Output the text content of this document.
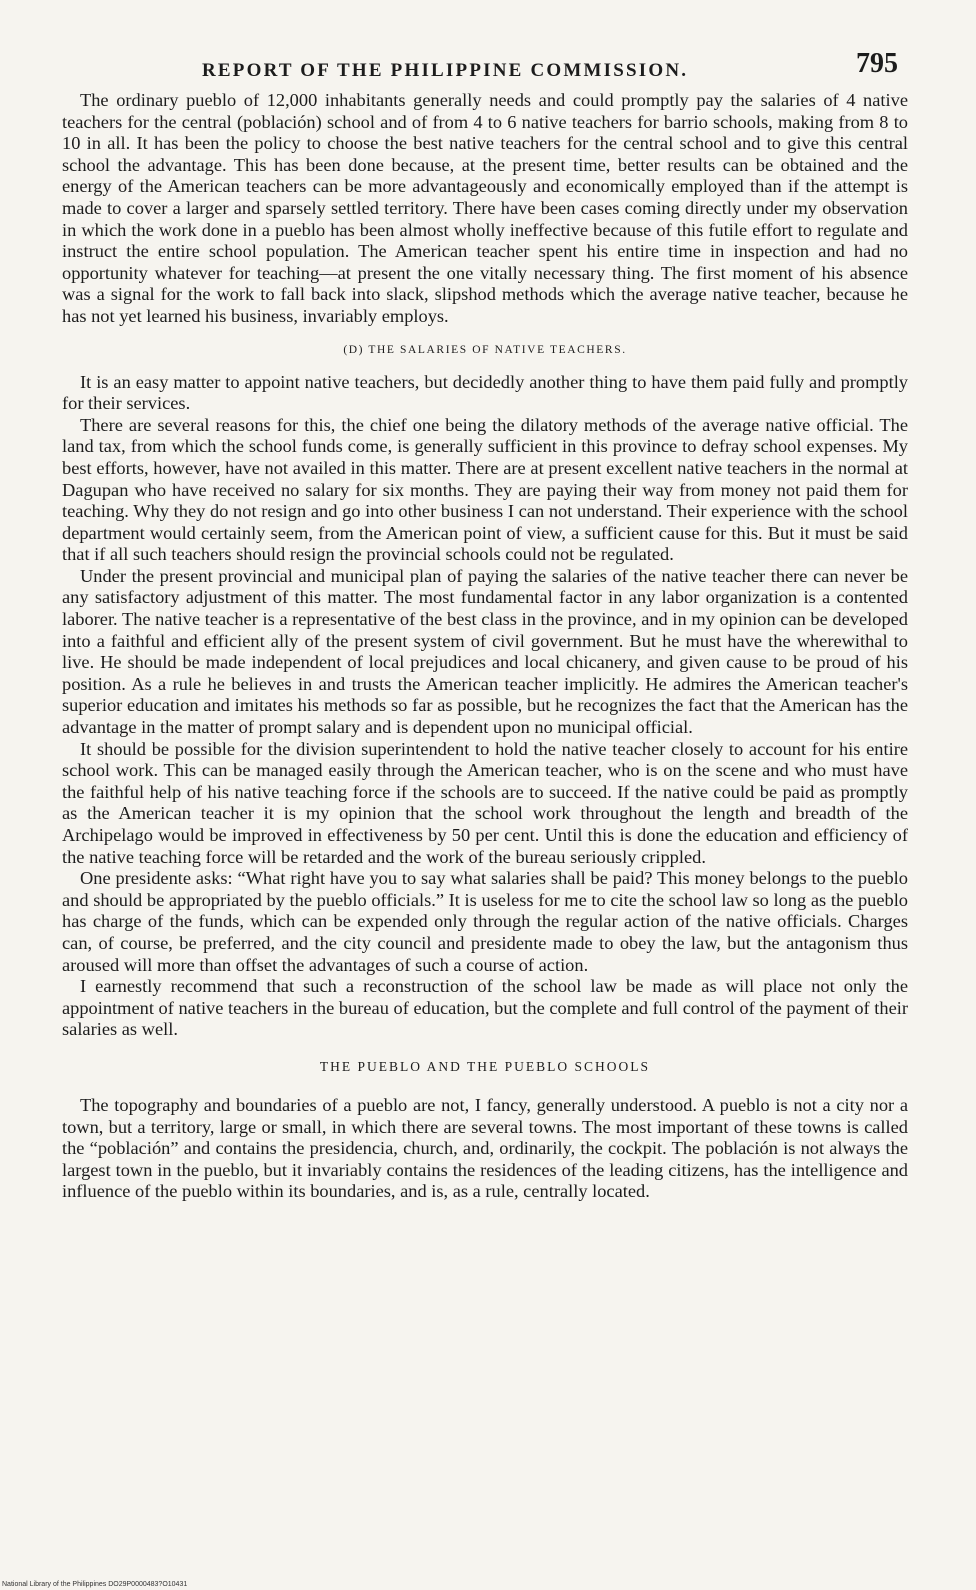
REPORT OF THE PHILIPPINE COMMISSION.	795

The ordinary pueblo of 12,000 inhabitants generally needs and could promptly pay the salaries of 4 native teachers for the central (población) school and of from 4 to 6 native teachers for barrio schools, making from 8 to 10 in all. It has been the policy to choose the best native teachers for the central school and to give this central school the advantage. This has been done because, at the present time, better results can be obtained and the energy of the American teachers can be more advantageously and economically employed than if the attempt is made to cover a larger and sparsely settled territory. There have been cases coming directly under my observation in which the work done in a pueblo has been almost wholly ineffective because of this futile effort to regulate and instruct the entire school population. The American teacher spent his entire time in inspection and had no opportunity whatever for teaching—at present the one vitally necessary thing. The first moment of his absence was a signal for the work to fall back into slack, slipshod methods which the average native teacher, because he has not yet learned his business, invariably employs.

(D) THE SALARIES OF NATIVE TEACHERS.

It is an easy matter to appoint native teachers, but decidedly another thing to have them paid fully and promptly for their services.

There are several reasons for this, the chief one being the dilatory methods of the average native official. The land tax, from which the school funds come, is generally sufficient in this province to defray school expenses. My best efforts, however, have not availed in this matter. There are at present excellent native teachers in the normal at Dagupan who have received no salary for six months. They are paying their way from money not paid them for teaching. Why they do not resign and go into other business I can not understand. Their experience with the school department would certainly seem, from the American point of view, a sufficient cause for this. But it must be said that if all such teachers should resign the provincial schools could not be regulated.

Under the present provincial and municipal plan of paying the salaries of the native teacher there can never be any satisfactory adjustment of this matter. The most fundamental factor in any labor organization is a contented laborer. The native teacher is a representative of the best class in the province, and in my opinion can be developed into a faithful and efficient ally of the present system of civil government. But he must have the wherewithal to live. He should be made independent of local prejudices and local chicanery, and given cause to be proud of his position. As a rule he believes in and trusts the American teacher implicitly. He admires the American teacher's superior education and imitates his methods so far as possible, but he recognizes the fact that the American has the advantage in the matter of prompt salary and is dependent upon no municipal official.

It should be possible for the division superintendent to hold the native teacher closely to account for his entire school work. This can be managed easily through the American teacher, who is on the scene and who must have the faithful help of his native teaching force if the schools are to succeed. If the native could be paid as promptly as the American teacher it is my opinion that the school work throughout the length and breadth of the Archipelago would be improved in effectiveness by 50 per cent. Until this is done the education and efficiency of the native teaching force will be retarded and the work of the bureau seriously crippled.

One presidente asks: “What right have you to say what salaries shall be paid? This money belongs to the pueblo and should be appropriated by the pueblo officials.” It is useless for me to cite the school law so long as the pueblo has charge of the funds, which can be expended only through the regular action of the native officials. Charges can, of course, be preferred, and the city council and presidente made to obey the law, but the antagonism thus aroused will more than offset the advantages of such a course of action.

I earnestly recommend that such a reconstruction of the school law be made as will place not only the appointment of native teachers in the bureau of education, but the complete and full control of the payment of their salaries as well.

THE PUEBLO AND THE PUEBLO SCHOOLS

The topography and boundaries of a pueblo are not, I fancy, generally understood. A pueblo is not a city nor a town, but a territory, large or small, in which there are several towns. The most important of these towns is called the “población” and contains the presidencia, church, and, ordinarily, the cockpit. The población is not always the largest town in the pueblo, but it invariably contains the residences of the leading citizens, has the intelligence and influence of the pueblo within its boundaries, and is, as a rule, centrally located.

National Library of the Philippines DO29P0000483?O10431
